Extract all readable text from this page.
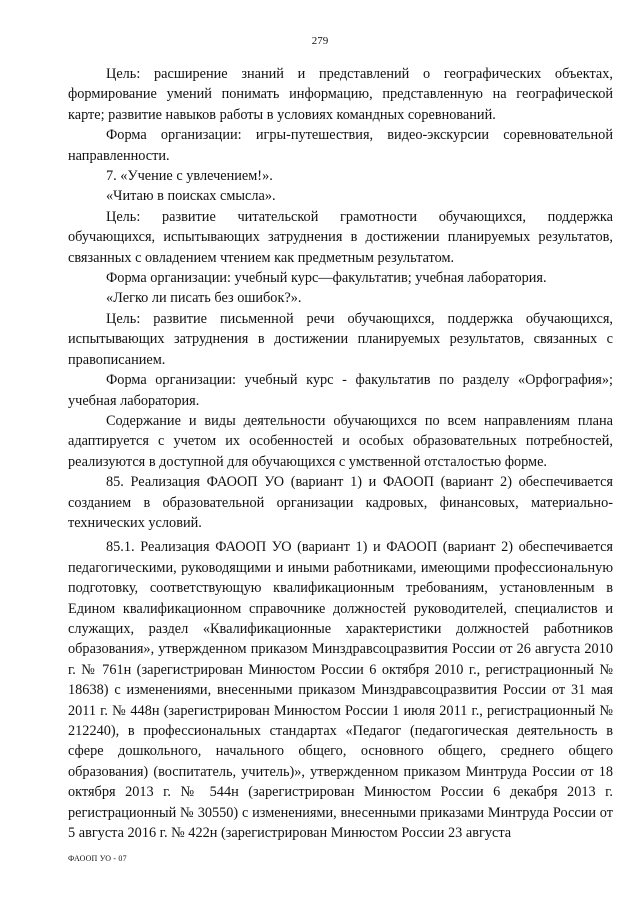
279

Цель: расширение знаний и представлений о географических объектах, формирование умений понимать информацию, представленную на географической карте; развитие навыков работы в условиях командных соревнований.

Форма организации: игры-путешествия, видео-экскурсии соревновательной направленности.

7. «Учение с увлечением!».

«Читаю в поисках смысла».

Цель: развитие читательской грамотности обучающихся, поддержка обучающихся, испытывающих затруднения в достижении планируемых результатов, связанных с овладением чтением как предметным результатом.

Форма организации: учебный курс—факультатив; учебная лаборатория.

«Легко ли писать без ошибок?».

Цель: развитие письменной речи обучающихся, поддержка обучающихся, испытывающих затруднения в достижении планируемых результатов, связанных с правописанием.

Форма организации: учебный курс - факультатив по разделу «Орфография»; учебная лаборатория.

Содержание и виды деятельности обучающихся по всем направлениям плана адаптируется с учетом их особенностей и особых образовательных потребностей, реализуются в доступной для обучающихся с умственной отсталостью форме.

85. Реализация ФАООП УО (вариант 1) и ФАООП (вариант 2) обеспечивается созданием в образовательной организации кадровых, финансовых, материально-технических условий.

85.1. Реализация ФАООП УО (вариант 1) и ФАООП (вариант 2) обеспечивается педагогическими, руководящими и иными работниками, имеющими профессиональную подготовку, соответствующую квалификационным требованиям, установленным в Едином квалификационном справочнике должностей руководителей, специалистов и служащих, раздел «Квалификационные характеристики должностей работников образования», утвержденном приказом Минздравсоцразвития России от 26 августа 2010 г. № 761н (зарегистрирован Минюстом России 6 октября 2010 г., регистрационный № 18638) с изменениями, внесенными приказом Минздравсоцразвития России от 31 мая 2011 г. № 448н (зарегистрирован Минюстом России 1 июля 2011 г., регистрационный № 212240), в профессиональных стандартах «Педагог (педагогическая деятельность в сфере дошкольного, начального общего, основного общего, среднего общего образования) (воспитатель, учитель)», утвержденном приказом Минтруда России от 18 октября 2013 г. № 544н (зарегистрирован Минюстом России 6 декабря 2013 г. регистрационный № 30550) с изменениями, внесенными приказами Минтруда России от 5 августа 2016 г. № 422н (зарегистрирован Минюстом России 23 августа

ФАООП УО - 07
